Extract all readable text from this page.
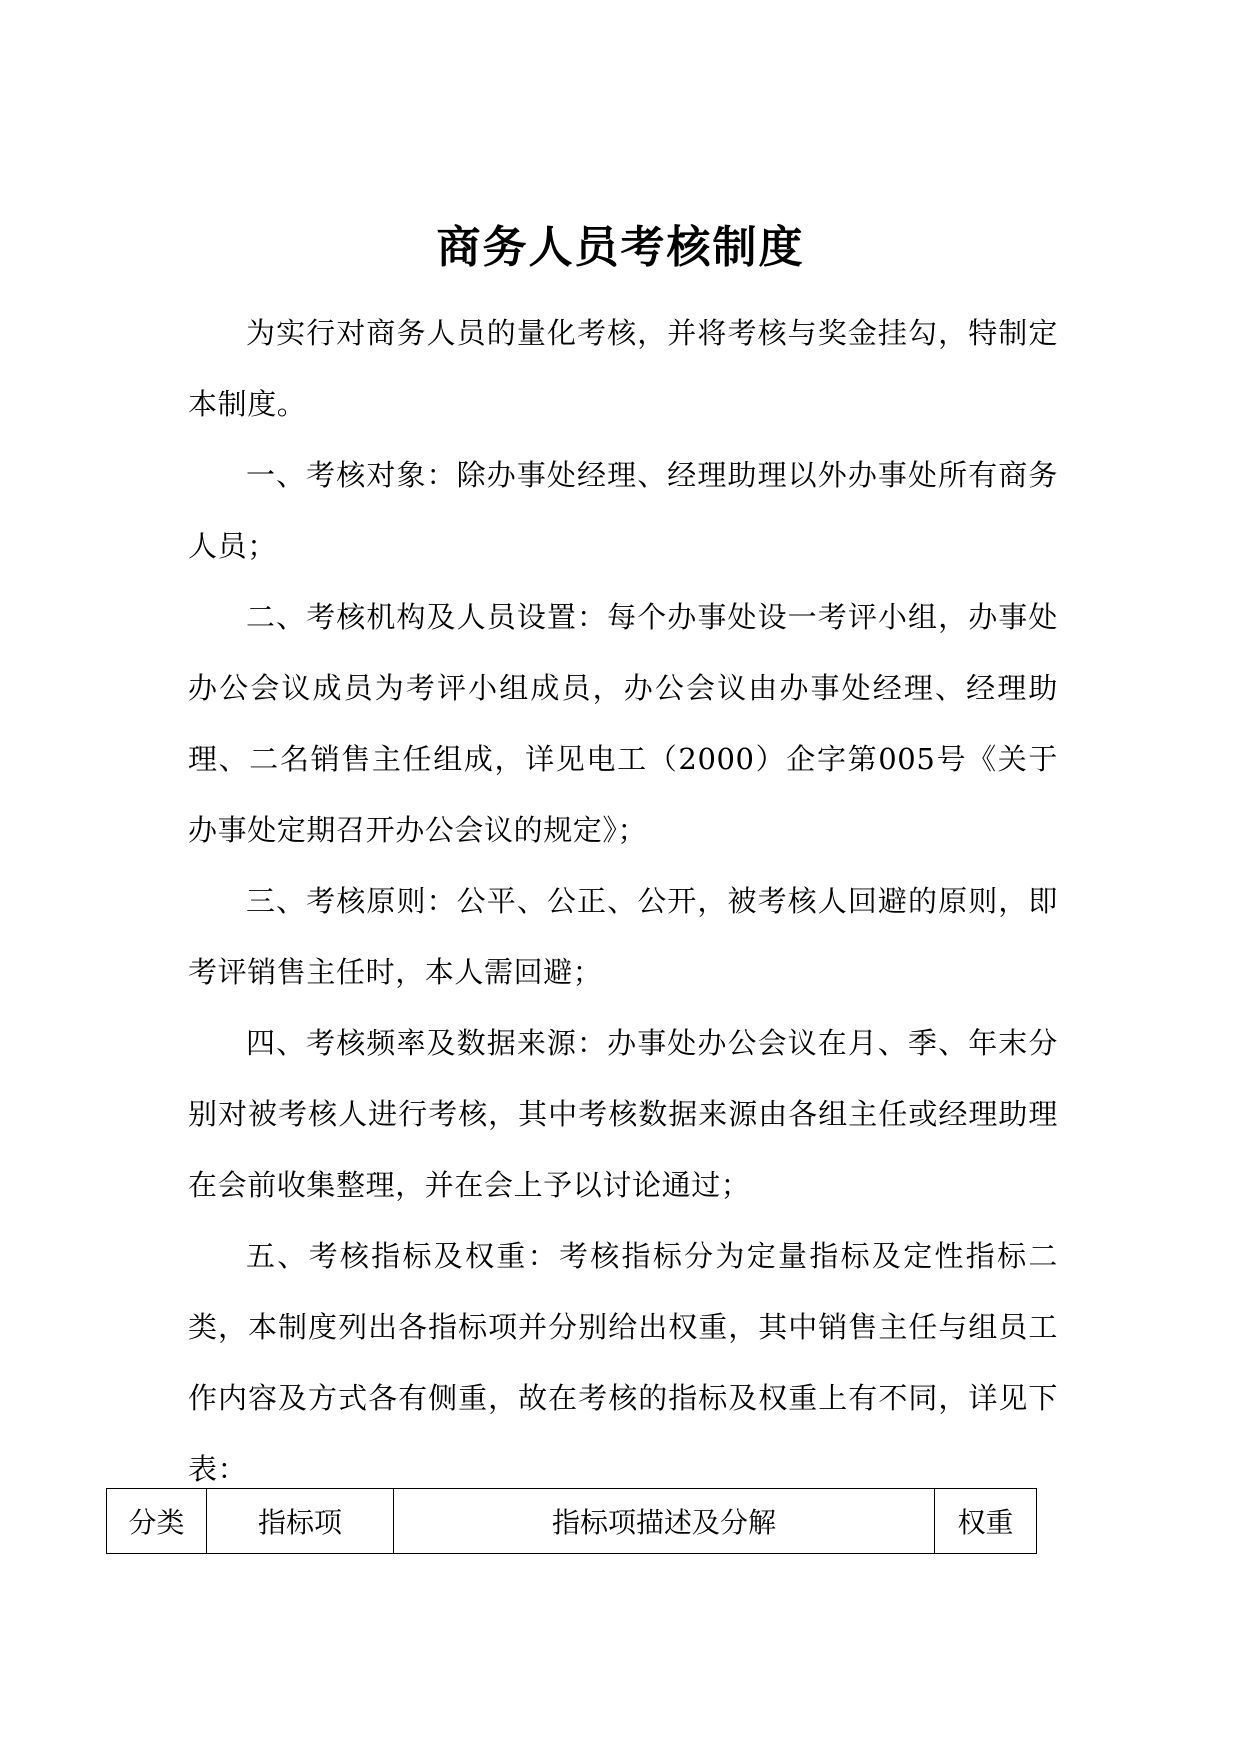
商务人员考核制度

为实行对商务人员的量化考核，并将考核与奖金挂勾，特制定本制度。

一、考核对象：除办事处经理、经理助理以外办事处所有商务人员；

二、考核机构及人员设置：每个办事处设一考评小组，办事处办公会议成员为考评小组成员，办公会议由办事处经理、经理助理、二名销售主任组成，详见电工（2000）企字第005号《关于办事处定期召开办公会议的规定》；

三、考核原则：公平、公正、公开，被考核人回避的原则，即考评销售主任时，本人需回避；

四、考核频率及数据来源：办事处办公会议在月、季、年末分别对被考核人进行考核，其中考核数据来源由各组主任或经理助理在会前收集整理，并在会上予以讨论通过；

五、考核指标及权重：考核指标分为定量指标及定性指标二类，本制度列出各指标项并分别给出权重，其中销售主任与组员工作内容及方式各有侧重，故在考核的指标及权重上有不同，详见下表：

分类	指标项	指标项描述及分解	权重
